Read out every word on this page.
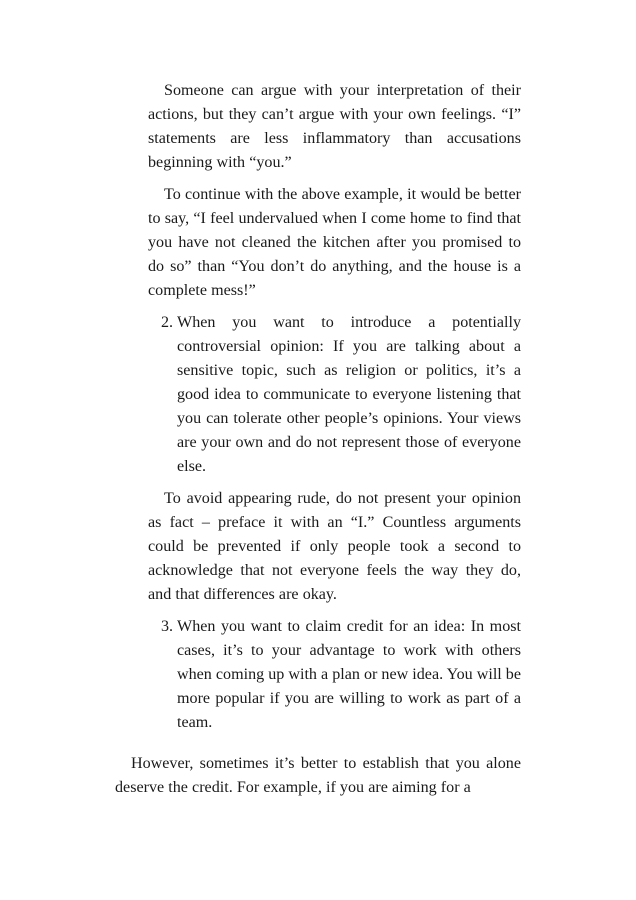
Someone can argue with your interpretation of their actions, but they can’t argue with your own feelings. “I” statements are less inflammatory than accusations beginning with “you.”

To continue with the above example, it would be better to say, “I feel undervalued when I come home to find that you have not cleaned the kitchen after you promised to do so” than “You don’t do anything, and the house is a complete mess!”

2. When you want to introduce a potentially controversial opinion: If you are talking about a sensitive topic, such as religion or politics, it’s a good idea to communicate to everyone listening that you can tolerate other people’s opinions. Your views are your own and do not represent those of everyone else.

To avoid appearing rude, do not present your opinion as fact – preface it with an “I.” Countless arguments could be prevented if only people took a second to acknowledge that not everyone feels the way they do, and that differences are okay.

3. When you want to claim credit for an idea: In most cases, it’s to your advantage to work with others when coming up with a plan or new idea. You will be more popular if you are willing to work as part of a team.

However, sometimes it’s better to establish that you alone deserve the credit. For example, if you are aiming for a
